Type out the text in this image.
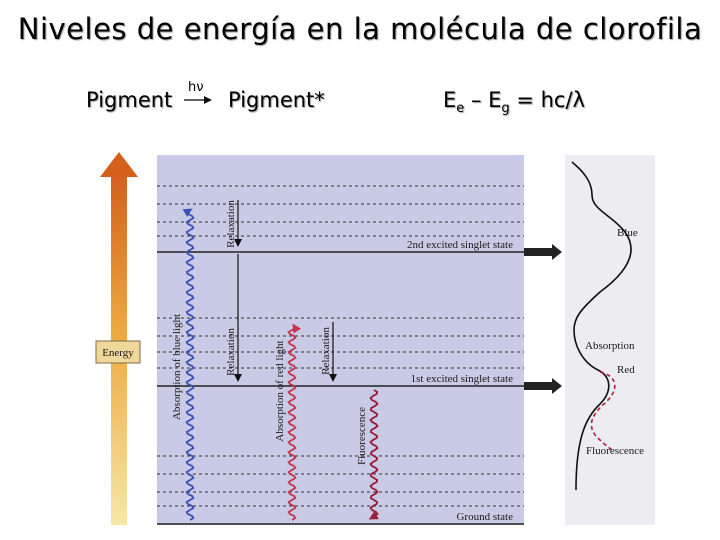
Niveles de energía en la molécula de clorofila
Pigment
hν
Pigment*	$E_e - E_g = hc/\lambda$
Energy
2nd excited singlet state
1st excited singlet state
Ground state
Relaxation
Relaxation	Relaxation
Absorption of blue light	Absorption of red light	Fluorescence
Blue
Absorption
Red
Fluorescence
